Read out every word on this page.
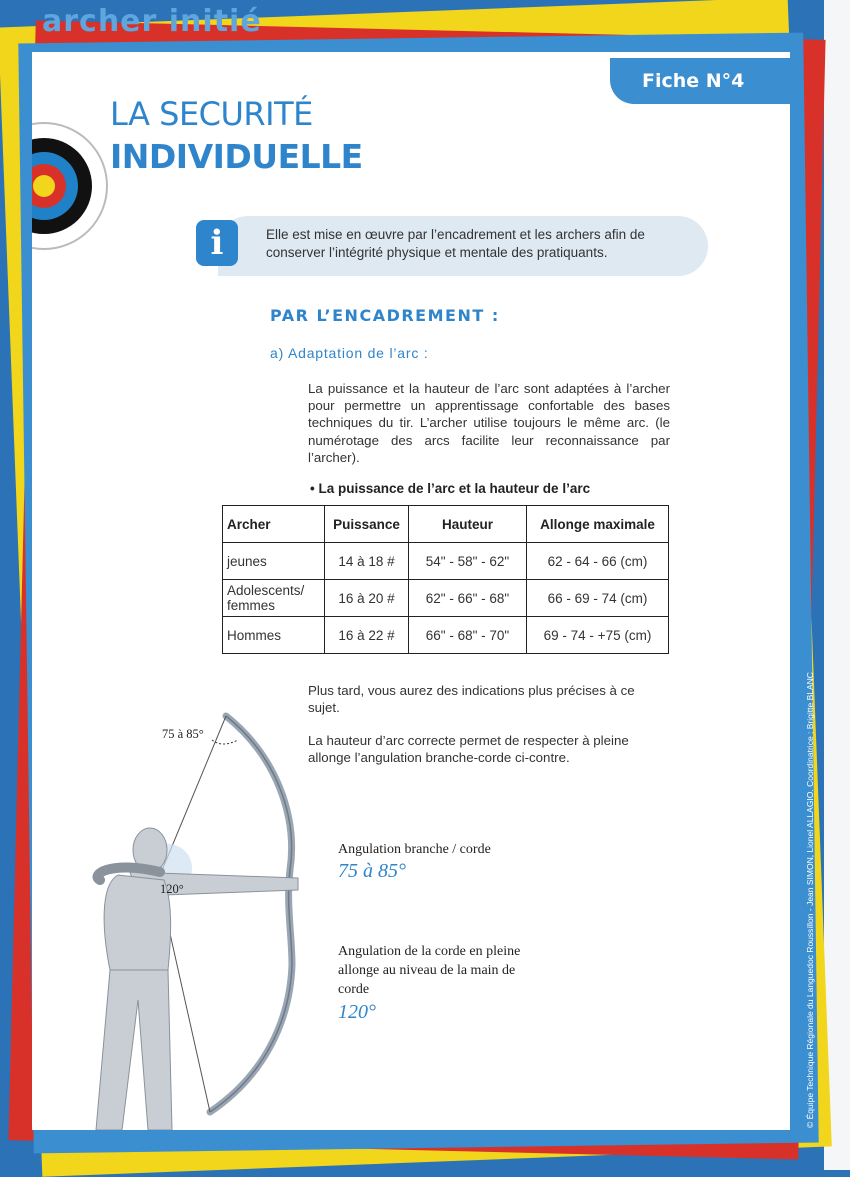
archer initié
Fiche N°4
LA SECURITÉ
INDIVIDUELLE
i	Elle est mise en œuvre par l’encadrement et les archers afin de conserver l’intégrité physique et mentale des pratiquants.
PAR L’ENCADREMENT :
a) Adaptation de l’arc :
La puissance et la hauteur de l’arc sont adaptées à l’archer pour permettre un apprentissage confortable des bases techniques du tir. L’archer utilise toujours le même arc. (le numérotage des arcs facilite leur reconnaissance par l’archer).
• La puissance de l’arc et la hauteur de l’arc
Archer	Puissance	Hauteur	Allonge maximale
jeunes	14 à 18 #	54" - 58" - 62"	62 - 64 - 66 (cm)
Adolescents/ femmes	16 à 20 #	62" - 66" - 68"	66 - 69 - 74 (cm)
Hommes	16 à 22 #	66" - 68" - 70"	69 - 74 - +75 (cm)
Plus tard, vous aurez des indications plus précises à ce sujet.
La hauteur d’arc correcte permet de respecter à pleine allonge l’angulation branche-corde ci-contre.
75 à 85°
120°
Angulation branche / corde
75 à 85°
Angulation de la corde en pleine allonge au niveau de la main de corde
120°	© Équipe Technique Régionale du Languedoc Roussillon - Jean SIMON, Lionel ALLAGIO. Coordinatrice : Brigitte BLANC
